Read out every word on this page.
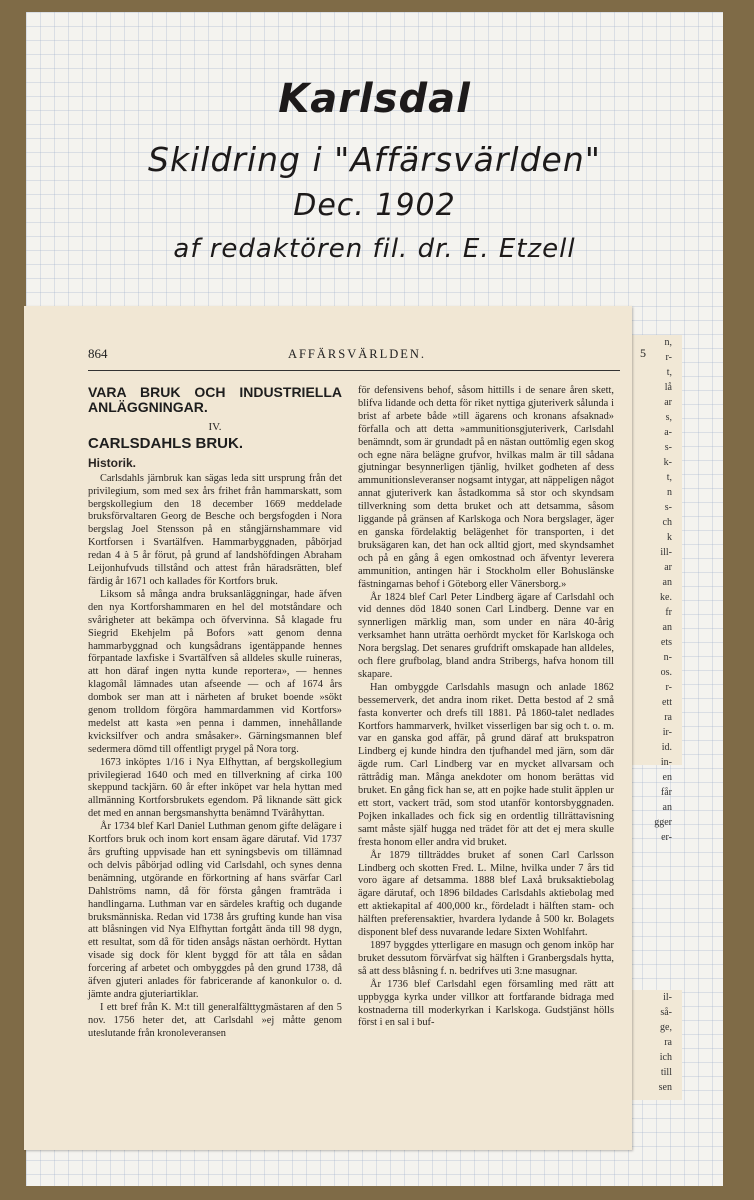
Karlsdal
Skildring i "Affärsvärlden"
Dec. 1902
af redaktören fil. dr. E. Etzell
n,
r-
t,
lå
ar
s,
a-
s-
k-
t,
n
s-
ch
k
ill-
ar
an
ke.
fr
an
ets
n-
os.
r-
ett
ra
ir-
id.
in-
en
får
an
gger
er-
il-
så-
ge,
ra
ich
till
sen
864	AFFÄRSVÄRLDEN.	5
VARA BRUK OCH INDUSTRIELLA ANLÄGGNINGAR.
IV.
CARLSDAHLS BRUK.
Historik.

Carlsdahls järnbruk kan sägas leda sitt ursprung från det privilegium, som med sex års frihet från hammarskatt, som bergskollegium den 18 december 1669 meddelade bruksförvaltaren Georg de Besche och bergsfogden i Nora bergslag Joel Stensson på en stångjärnshammare vid Kortforsen i Svartälfven. Hammarbyggnaden, påbörjad redan 4 à 5 år förut, på grund af landshöfdingen Abraham Leijonhufvuds tillstånd och attest från häradsrätten, blef färdig år 1671 och kallades för Kortfors bruk.

Liksom så många andra bruksanläggningar, hade äfven den nya Kortforshammaren en hel del motståndare och svårigheter att bekämpa och öfvervinna. Så klagade fru Siegrid Ekehjelm på Bofors »att genom denna hammarbyggnad och kungsådrans igentäppande hennes förpantade laxfiske i Svartälfven så alldeles skulle ruineras, att hon däraf ingen nytta kunde reportera», — hennes klagomål lämnades utan afseende — och af 1674 års dombok ser man att i närheten af bruket boende »sökt genom trolldom förgöra hammardammen vid Kortfors» medelst att kasta »en penna i dammen, innehållande kvicksilfver och andra småsaker». Gärningsmannen blef sedermera dömd till offentligt prygel på Nora torg.

1673 inköptes 1/16 i Nya Elfhyttan, af bergskollegium privilegierad 1640 och med en tillverkning af cirka 100 skeppund tackjärn. 60 år efter inköpet var hela hyttan med allmänning Kortforsbrukets egendom. På liknande sätt gick det med en annan bergsmanshytta benämnd Tväråhyttan.

År 1734 blef Karl Daniel Luthman genom gifte delägare i Kortfors bruk och inom kort ensam ägare därutaf. Vid 1737 års grufting uppvisade han ett syningsbevis om tillämnad och delvis påbörjad odling vid Carlsdahl, och synes denna benämning, utgörande en förkortning af hans svärfar Carl Dahlströms namn, då för första gången framträda i handlingarna. Luthman var en särdeles kraftig och dugande bruksmänniska. Redan vid 1738 års grufting kunde han visa att blåsningen vid Nya Elfhyttan fortgått ända till 98 dygn, ett resultat, som då för tiden ansågs nästan oerhördt. Hyttan visade sig dock för klent byggd för att tåla en sådan forcering af arbetet och ombyggdes på den grund 1738, då äfven gjuteri anlades för fabricerande af kanonkulor o. d. jämte andra gjuteriartiklar.

I ett bref från K. M:t till generalfälttygmästaren af den 5 nov. 1756 heter det, att Carlsdahl »ej måtte genom uteslutande från kronoleveransen

för defensivens behof, såsom hittills i de senare åren skett, blifva lidande och detta för riket nyttiga gjuteriverk sålunda i brist af arbete både »till ägarens och kronans afsaknad» förfalla och att detta »ammunitionsgjuteriverk, Carlsdahl benämndt, som är grundadt på en nästan outtömlig egen skog och egne nära belägne grufvor, hvilkas malm är till sådana gjutningar besynnerligen tjänlig, hvilket godheten af dess ammunitionsleveranser nogsamt intygar, att näppeligen något annat gjuteriverk kan åstadkomma så stor och skyndsam tillverkning som detta bruket och att detsamma, såsom liggande på gränsen af Karlskoga och Nora bergslager, äger en ganska fördelaktig belägenhet för transporten, i det bruksägaren kan, det han ock alltid gjort, med skyndsamhet och på en gång å egen omkostnad och äfventyr leverera ammunition, antingen här i Stockholm eller Bohuslänske fästningarnas behof i Göteborg eller Vänersborg.»

År 1824 blef Carl Peter Lindberg ägare af Carlsdahl och vid dennes död 1840 sonen Carl Lindberg. Denne var en synnerligen märklig man, som under en nära 40-årig verksamhet hann uträtta oerhördt mycket för Karlskoga och Nora bergslag. Det senares grufdrift omskapade han alldeles, och flere grufbolag, bland andra Stribergs, hafva honom till skapare.

Han ombyggde Carlsdahls masugn och anlade 1862 bessemerverk, det andra inom riket. Detta bestod af 2 små fasta konverter och drefs till 1881. På 1860-talet nedlades Kortfors hammarverk, hvilket visserligen bar sig och t. o. m. var en ganska god affär, på grund däraf att brukspatron Lindberg ej kunde hindra den tjufhandel med järn, som där ägde rum. Carl Lindberg var en mycket allvarsam och rättrådig man. Många anekdoter om honom berättas vid bruket. En gång fick han se, att en pojke hade stulit äpplen ur ett stort, vackert träd, som stod utanför kontorsbyggnaden. Pojken inkallades och fick sig en ordentlig tillrättavisning samt måste själf hugga ned trädet för att det ej mera skulle fresta honom eller andra vid bruket.

År 1879 tillträddes bruket af sonen Carl Carlsson Lindberg och skotten Fred. L. Milne, hvilka under 7 års tid voro ägare af detsamma. 1888 blef Laxå bruksaktiebolag ägare därutaf, och 1896 bildades Carlsdahls aktiebolag med ett aktiekapital af 400,000 kr., fördeladt i hälften stam- och hälften preferensaktier, hvardera lydande å 500 kr. Bolagets disponent blef dess nuvarande ledare Sixten Wohlfahrt.

1897 byggdes ytterligare en masugn och genom inköp har bruket dessutom förvärfvat sig hälften i Granbergsdals hytta, så att dess blåsning f. n. bedrifves uti 3:ne masugnar.

År 1736 blef Carlsdahl egen församling med rätt att uppbygga kyrka under villkor att fortfarande bidraga med kostnaderna till moderkyrkan i Karlskoga. Gudstjänst hölls först i en sal i buf-
